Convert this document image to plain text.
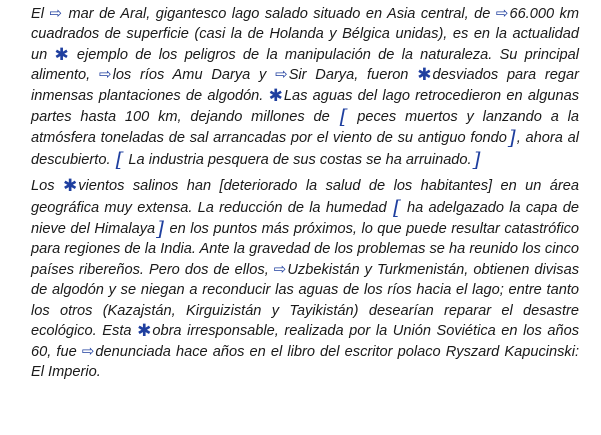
El ⇨ mar de Aral, gigantesco lago salado situado en Asia central, de ⇨66.000 km cuadrados de superficie (casi la de Holanda y Bélgica unidas), es en la actualidad un ✱ ejemplo de los peligros de la manipulación de la naturaleza. Su principal alimento, ⇨los ríos Amu Darya y ⇨Sir Darya, fueron ✱desviados para regar inmensas plantaciones de algodón. ✱Las aguas del lago retrocedieron en algunas partes hasta 100 km, dejando millones de [ peces muertos y lanzando a la atmósfera toneladas de sal arrancadas por el viento de su antiguo fondo], ahora al descubierto. [ La industria pesquera de sus costas se ha arruinado.]

Los ✱vientos salinos han [deteriorado la salud de los habitantes] en un área geográfica muy extensa. La reducción de la humedad [ ha adelgazado la capa de nieve del Himalaya] en los puntos más próximos, lo que puede resultar catastrófico para regiones de la India. Ante la gravedad de los problemas se ha reunido los cinco países ribereños. Pero dos de ellos, ⇨Uzbekistán y Turkmenistán, obtienen divisas de algodón y se niegan a reconducir las aguas de los ríos hacia el lago; entre tanto los otros (Kazajstán, Kirguizistán y Tayikistán) desearían reparar el desastre ecológico. Esta ✱obra irresponsable, realizada por la Unión Soviética en los años 60, fue ⇨denunciada hace años en el libro del escritor polaco Ryszard Kapucinski: El Imperio.
